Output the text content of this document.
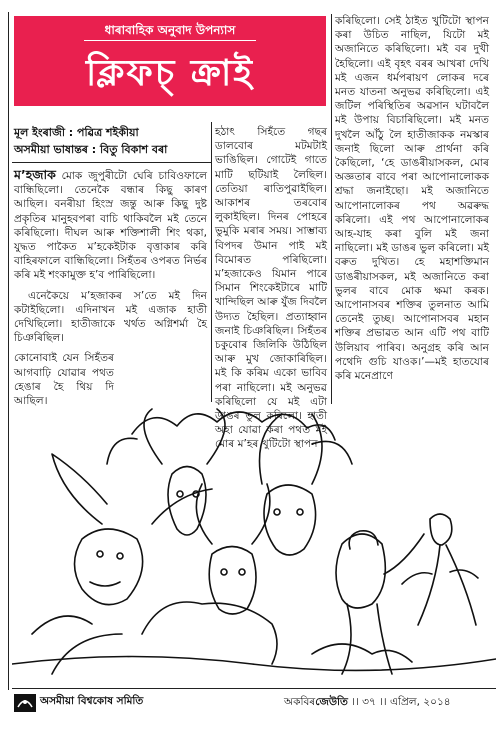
ধাৰাবাহিক অনুবাদ উপন্যাস
ক্লিফচ্ ক্ৰাই
মূল ইংৰাজী : পৱিত্ৰ শইকীয়া
অসমীয়া ভাষান্তৰ : বিতু বিকাশ বৰা

ম’হজাক মোক জুপুৰীটো ঘেৰি চাবিওফালে বান্ধিছিলো। তেনেকৈ বন্ধাৰ কিছু কাৰণ আছিল। বনৰীয়া হিংস্ৰ জন্তু আৰু কিছু দুষ্ট প্ৰকৃতিৰ মানুহবপৰা বাচি থাকিবলৈ মই তেনে কৰিছিলো। দীঘল আৰু শক্তিশালী শিং থকা, যুদ্ধত পাকৈত ম’হকেইটাক বৃত্তাকাৰ কৰি বাহিৰফালে বান্ধিছিলো। সিহঁতৰ ওপৰত নিৰ্ভৰ কৰি মই শংকামুক্ত হ’ব পাৰিছিলো।

এনেকৈয়ে ম’হজাকৰ স’তে মই দিন কটাইছিলো। এদিনাখন মই এজাক হাতী দেখিছিলো। হাতীজাকে খৰ্থত অগ্নিশৰ্মা হৈ চিঞৰিছিল।

কোনোবাই যেন সিহঁতৰ আগবাঢ়ি যোৱাৰ পথত হেঙাৰ হৈ থিয় দি আছিল।

হঠাৎ সিহঁতে গছৰ ডালবোৰ মটমটাই ভাঙিছিল। গোটেই গাতে মাটি ছটিয়াই লৈছিল। তেতিয়া ৰাতিপুৱাইছিল। আকাশৰ তৰবোৰ লুকাইছিল। দিনৰ পোহৰে ভুমুকি মৰাৰ সময়। সাম্ভাব্য বিপদৰ উমান পাই মই বিমোৰত পৰিছিলো। ম’হজাকেও যিমান পাৰে সিমান শিংকেইটাৰে মাটি খান্দিছিল আৰু যুঁজ দিবলৈ উদ্যত হৈছিল। প্ৰত্যাহ্বান জনাই চিঞৰিছিল। সিহঁতৰ চকুবোৰ জিলিকি উঠিছিল আৰু মুখ জোকাৰিছিল। মই কি কৰিম একো ভাবিব পৰা নাছিলো। মই অনুভৱ কৰিছিলো যে মই এটা ডাঙৰ ভুল কৰিলো। হাতী অহা যোৱা কৰা পথত মই মোৰ ম’হৰ খুটিটো স্থাপন

কৰিছিলো। সেই ঠাইত খুটিটো স্থাপন কৰা উচিত নাছিল, যিটো মই অজানিতে কৰিছিলো। মই বৰ দুখী হৈছিলো। এই বৃহৎ বৰৰ আখৰা দেখি মই এজন ধৰ্মপৰায়ণ লোকৰ দৰে মনত যাতনা অনুভৱ কৰিছিলো। এই জটিল পৰিস্থিতিৰ অৱসান ঘটাবলৈ মই উপায় বিচাৰিছিলো। মই মনত দুখলৈ আঁঠু লৈ হাতীজাকক নমস্কাৰ জনাই ছিলো আৰু প্ৰাৰ্থনা কৰি কৈছিলো, ‘হে ডাঙৰীয়াসকল, মোৰ অজ্ঞতাৰ বাবে পৰা আপোনালোকক শ্ৰদ্ধা জনাইছো। মই অজানিতে আপোনালোকৰ পথ অৱৰুদ্ধ কৰিলো। এই পথ আপোনালোকৰ আহ-যাহ কৰা বুলি মই জনা নাছিলো। মই ডাঙৰ ভুল কৰিলো। মই বৰুত দুখিত। হে মহাশক্তিমান ডাঙৰীয়াসকল, মই অজানিতে কৰা ভুলৰ বাবে মোক ক্ষমা কৰক। আপোনাসবৰ শক্তিৰ তুলনাত আমি তেনেই তুচ্ছ। আপোনাসবৰ মহান শক্তিৰ প্ৰভাৱত আন এটি পথ বাটি উলিয়াব পাৰিব। অনুগ্ৰহ কৰি আন পথেদি গুচি যাওক।’—মই হাতযোৰ কৰি মনেপ্ৰাণে

অসমীয়া বিশ্বকোষ সমিতি	অকবিৰজেউতি ।। ৩৭ ।। এপ্ৰিল, ২০১৪
